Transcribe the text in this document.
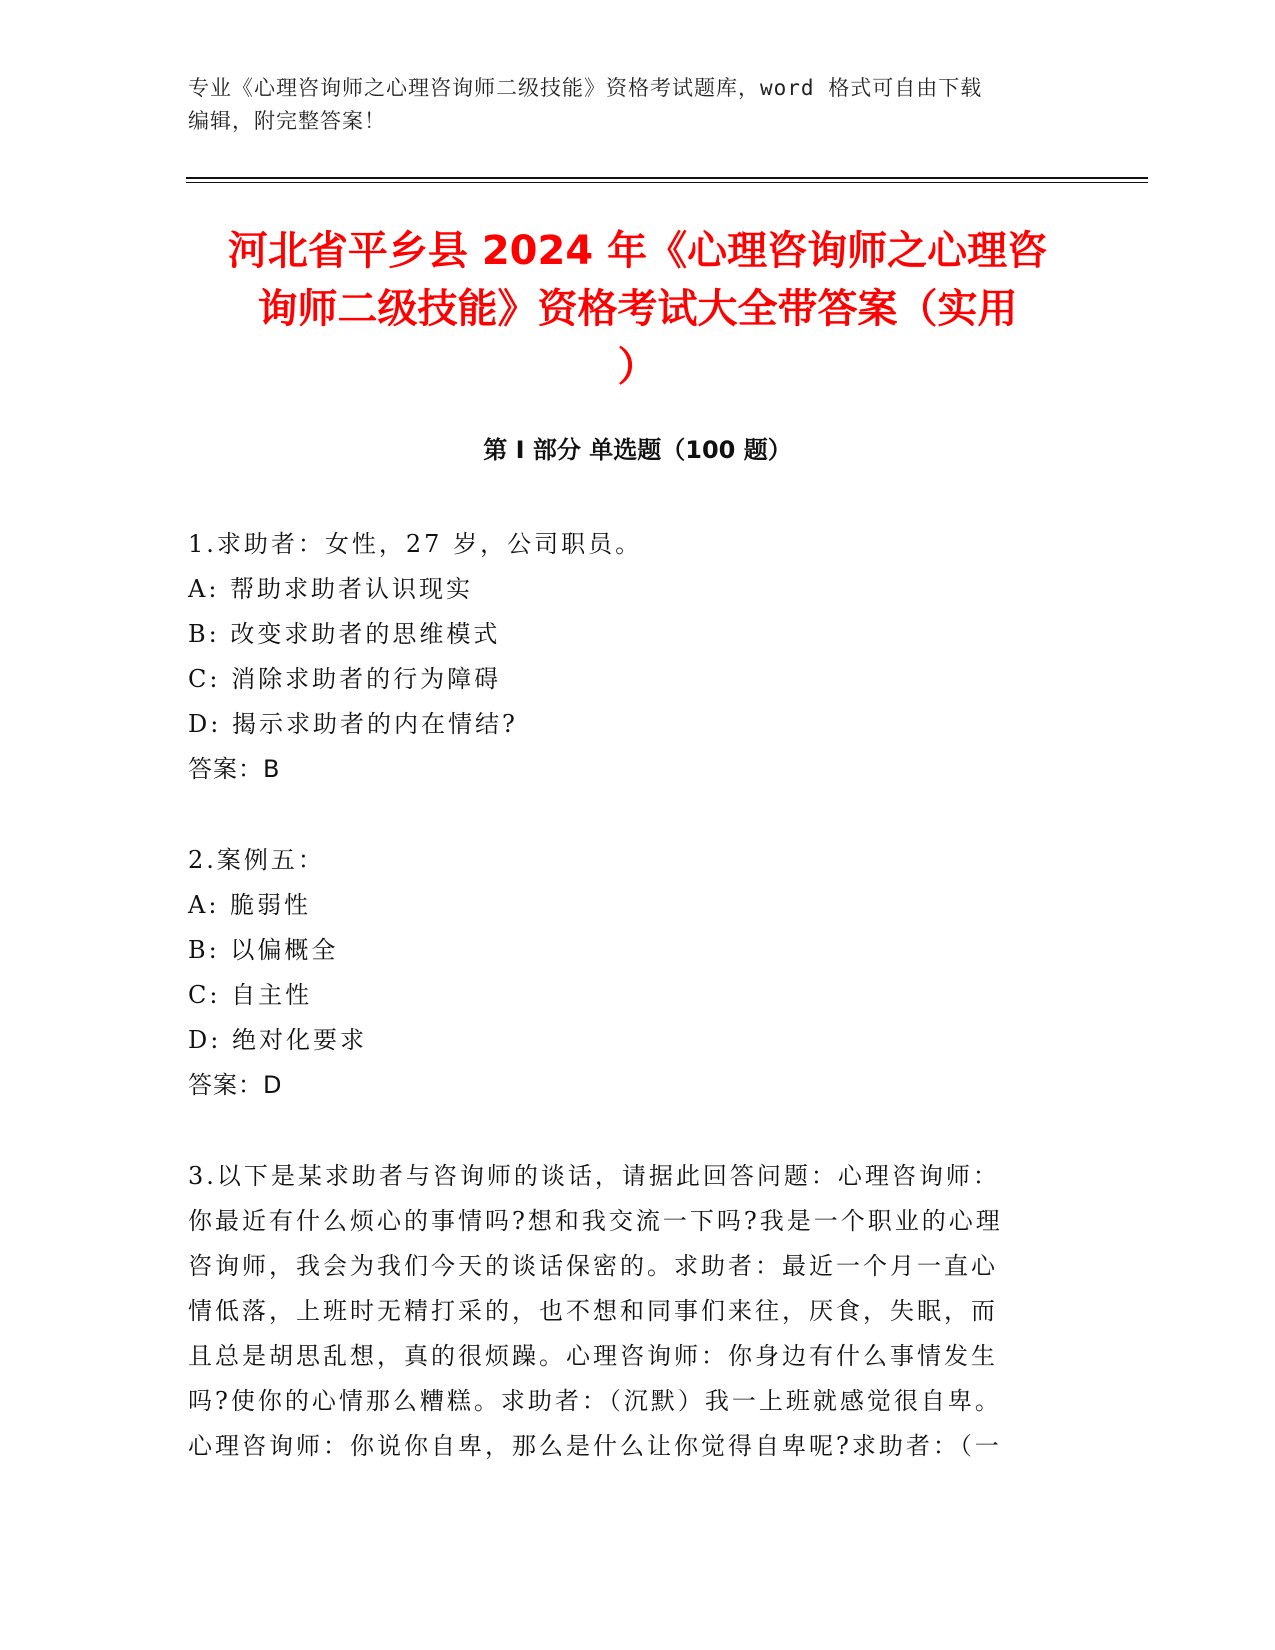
专业《心理咨询师之心理咨询师二级技能》资格考试题库，word 格式可自由下载
编辑，附完整答案！
河北省平乡县 2024 年《心理咨询师之心理咨
询师二级技能》资格考试大全带答案（实用
）
第 I 部分 单选题（100 题）
1.求助者：女性，27 岁，公司职员。
A: 帮助求助者认识现实
B: 改变求助者的思维模式
C: 消除求助者的行为障碍
D: 揭示求助者的内在情结?
答案：B
2.案例五：
A: 脆弱性
B: 以偏概全
C: 自主性
D: 绝对化要求
答案：D
3.以下是某求助者与咨询师的谈话，请据此回答问题：心理咨询师：
你最近有什么烦心的事情吗?想和我交流一下吗?我是一个职业的心理
咨询师，我会为我们今天的谈话保密的。求助者：最近一个月一直心
情低落，上班时无精打采的，也不想和同事们来往，厌食，失眠，而
且总是胡思乱想，真的很烦躁。心理咨询师：你身边有什么事情发生
吗?使你的心情那么糟糕。求助者：（沉默）我一上班就感觉很自卑。
心理咨询师：你说你自卑，那么是什么让你觉得自卑呢?求助者：（一
